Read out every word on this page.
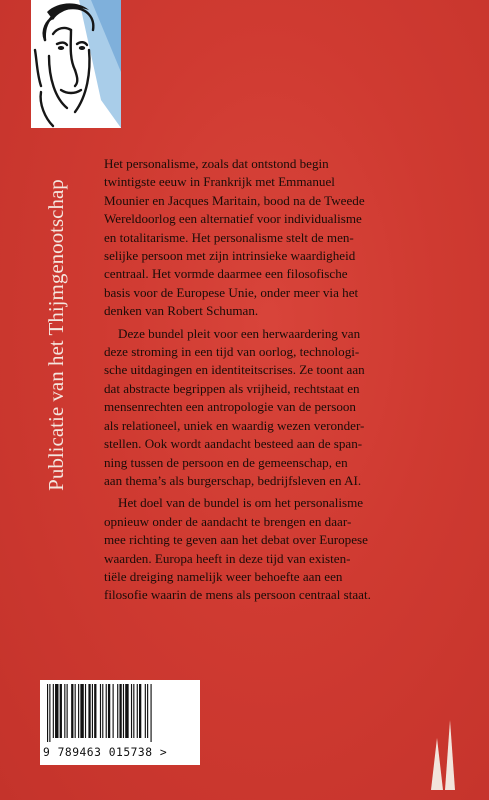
Publicatie van het Thijmgenootschap
Het personalisme, zoals dat ontstond begin
twintigste eeuw in Frankrijk met Emmanuel
Mounier en Jacques Maritain, bood na de Tweede
Wereldoorlog een alternatief voor individualisme
en totalitarisme. Het personalisme stelt de men-
selijke persoon met zijn intrinsieke waardigheid
centraal. Het vormde daarmee een filosofische
basis voor de Europese Unie, onder meer via het
denken van Robert Schuman.
Deze bundel pleit voor een herwaardering van
deze stroming in een tijd van oorlog, technologi-
sche uitdagingen en identiteitscrises. Ze toont aan
dat abstracte begrippen als vrijheid, rechtstaat en
mensenrechten een antropologie van de persoon
als relationeel, uniek en waardig wezen veronder-
stellen. Ook wordt aandacht besteed aan de span-
ning tussen de persoon en de gemeenschap, en
aan thema’s als burgerschap, bedrijfsleven en AI.
Het doel van de bundel is om het personalisme
opnieuw onder de aandacht te brengen en daar-
mee richting te geven aan het debat over Europese
waarden. Europa heeft in deze tijd van existen-
tiële dreiging namelijk weer behoefte aan een
filosofie waarin de mens als persoon centraal staat.
9 789463 015738 >
